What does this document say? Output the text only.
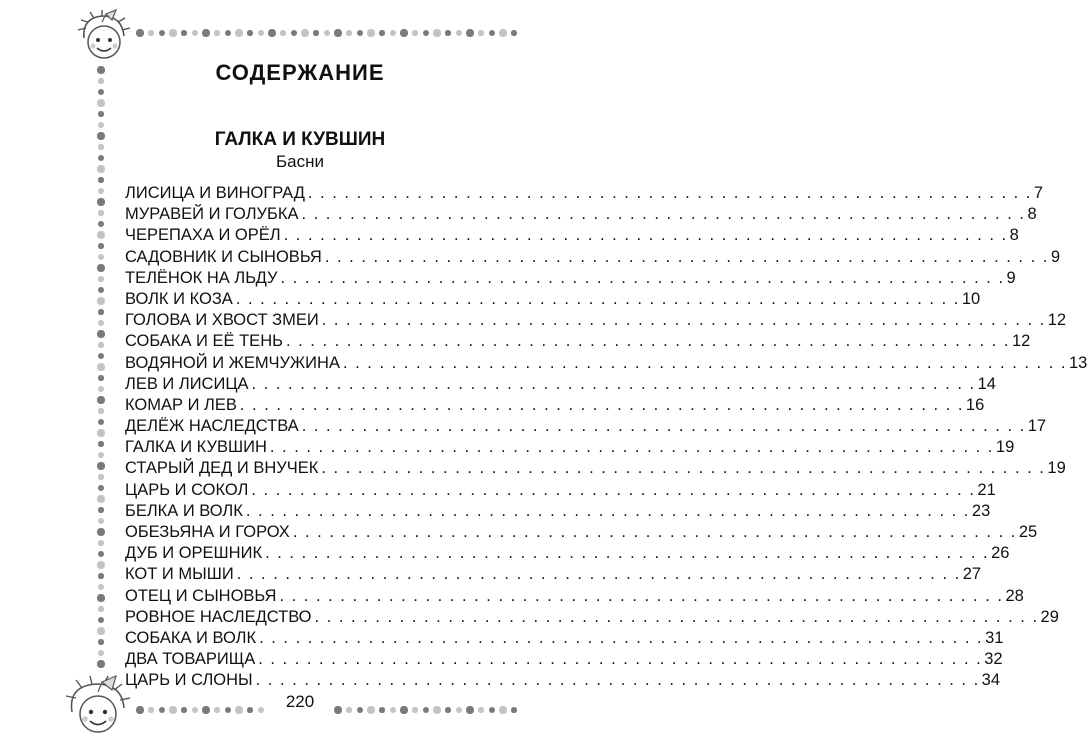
СОДЕРЖАНИЕ
ГАЛКА И КУВШИН
Басни
ЛИСИЦА И ВИНОГРАД . . . . . . . . . . . . . . . . . . . . . . . . . . . . . . . . . . . . . . . . . . . . . . . . . . . . . . . . . . . . 7
МУРАВЕЙ И ГОЛУБКА . . . . . . . . . . . . . . . . . . . . . . . . . . . . . . . . . . . . . . . . . . . . . . . . . . . . . . . . . . . . 8
ЧЕРЕПАХА И ОРЁЛ . . . . . . . . . . . . . . . . . . . . . . . . . . . . . . . . . . . . . . . . . . . . . . . . . . . . . . . . . . . . 8
САДОВНИК И СЫНОВЬЯ . . . . . . . . . . . . . . . . . . . . . . . . . . . . . . . . . . . . . . . . . . . . . . . . . . . . . . . . . . . . 9
ТЕЛЁНОК НА ЛЬДУ . . . . . . . . . . . . . . . . . . . . . . . . . . . . . . . . . . . . . . . . . . . . . . . . . . . . . . . . . . . . 9
ВОЛК И КОЗА . . . . . . . . . . . . . . . . . . . . . . . . . . . . . . . . . . . . . . . . . . . . . . . . . . . . . . . . . . . . 10
ГОЛОВА И ХВОСТ ЗМЕИ . . . . . . . . . . . . . . . . . . . . . . . . . . . . . . . . . . . . . . . . . . . . . . . . . . . . . . . . . . . . 12
СОБАКА И ЕЁ ТЕНЬ . . . . . . . . . . . . . . . . . . . . . . . . . . . . . . . . . . . . . . . . . . . . . . . . . . . . . . . . . . . . 12
ВОДЯНОЙ И ЖЕМЧУЖИНА . . . . . . . . . . . . . . . . . . . . . . . . . . . . . . . . . . . . . . . . . . . . . . . . . . . . . . . . . . . . 13
ЛЕВ И ЛИСИЦА . . . . . . . . . . . . . . . . . . . . . . . . . . . . . . . . . . . . . . . . . . . . . . . . . . . . . . . . . . . . 14
КОМАР И ЛЕВ . . . . . . . . . . . . . . . . . . . . . . . . . . . . . . . . . . . . . . . . . . . . . . . . . . . . . . . . . . . . 16
ДЕЛЁЖ НАСЛЕДСТВА . . . . . . . . . . . . . . . . . . . . . . . . . . . . . . . . . . . . . . . . . . . . . . . . . . . . . . . . . . . . 17
ГАЛКА И КУВШИН . . . . . . . . . . . . . . . . . . . . . . . . . . . . . . . . . . . . . . . . . . . . . . . . . . . . . . . . . . . . 19
СТАРЫЙ ДЕД И ВНУЧЕК . . . . . . . . . . . . . . . . . . . . . . . . . . . . . . . . . . . . . . . . . . . . . . . . . . . . . . . . . . . . 19
ЦАРЬ И СОКОЛ . . . . . . . . . . . . . . . . . . . . . . . . . . . . . . . . . . . . . . . . . . . . . . . . . . . . . . . . . . . . 21
БЕЛКА И ВОЛК . . . . . . . . . . . . . . . . . . . . . . . . . . . . . . . . . . . . . . . . . . . . . . . . . . . . . . . . . . . . 23
ОБЕЗЬЯНА И ГОРОХ . . . . . . . . . . . . . . . . . . . . . . . . . . . . . . . . . . . . . . . . . . . . . . . . . . . . . . . . . . . . 25
ДУБ И ОРЕШНИК . . . . . . . . . . . . . . . . . . . . . . . . . . . . . . . . . . . . . . . . . . . . . . . . . . . . . . . . . . . . 26
КОТ И МЫШИ . . . . . . . . . . . . . . . . . . . . . . . . . . . . . . . . . . . . . . . . . . . . . . . . . . . . . . . . . . . . 27
ОТЕЦ И СЫНОВЬЯ . . . . . . . . . . . . . . . . . . . . . . . . . . . . . . . . . . . . . . . . . . . . . . . . . . . . . . . . . . . . 28
РОВНОЕ НАСЛЕДСТВО . . . . . . . . . . . . . . . . . . . . . . . . . . . . . . . . . . . . . . . . . . . . . . . . . . . . . . . . . . . . 29
СОБАКА И ВОЛК . . . . . . . . . . . . . . . . . . . . . . . . . . . . . . . . . . . . . . . . . . . . . . . . . . . . . . . . . . . . 31
ДВА ТОВАРИЩА . . . . . . . . . . . . . . . . . . . . . . . . . . . . . . . . . . . . . . . . . . . . . . . . . . . . . . . . . . . . 32
ЦАРЬ И СЛОНЫ . . . . . . . . . . . . . . . . . . . . . . . . . . . . . . . . . . . . . . . . . . . . . . . . . . . . . . . . . . . . 34
220
